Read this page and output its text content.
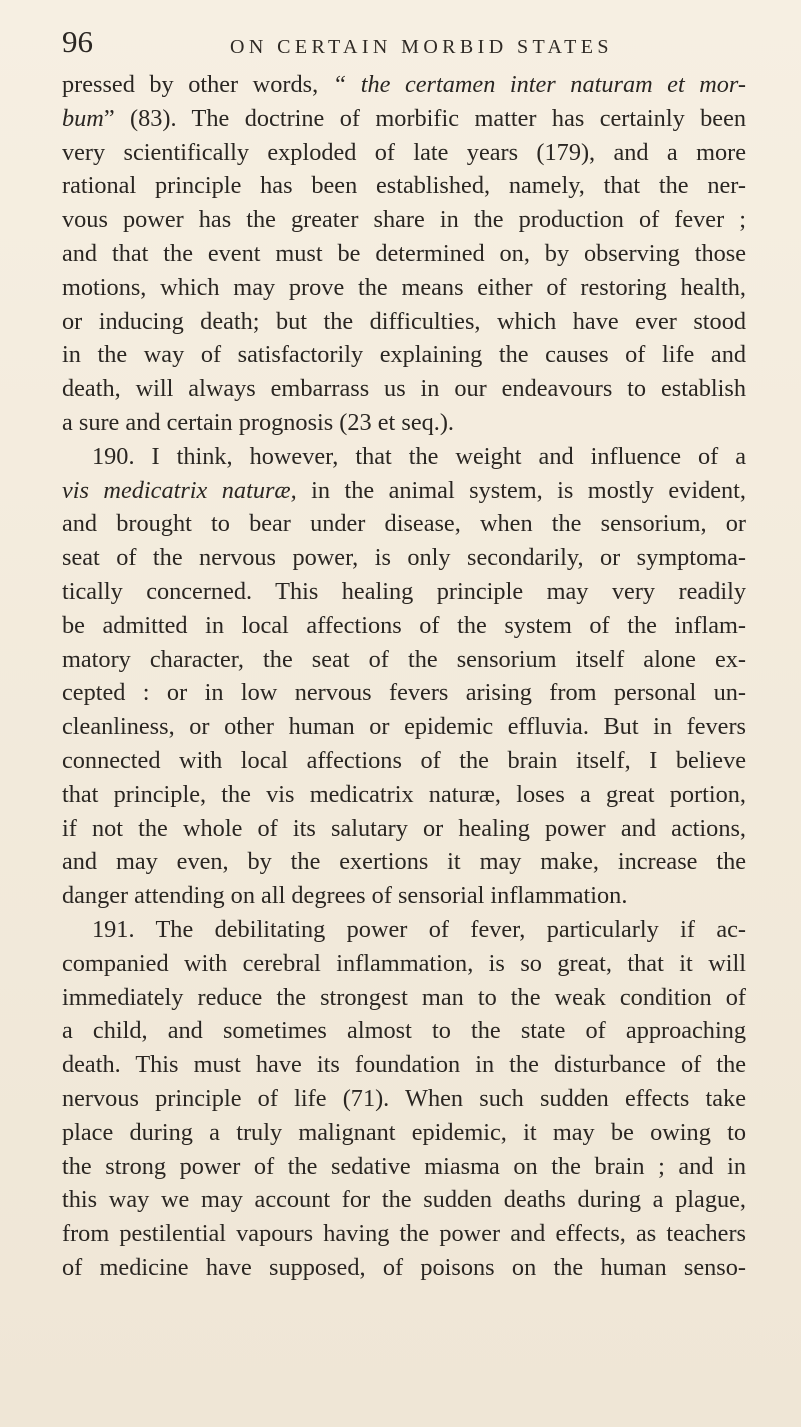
96	ON CERTAIN MORBID STATES
pressed by other words, “ the certamen inter naturam et mor-
bum” (83). The doctrine of morbific matter has certainly been
very scientifically exploded of late years (179), and a more
rational principle has been established, namely, that the ner-
vous power has the greater share in the production of fever ;
and that the event must be determined on, by observing those
motions, which may prove the means either of restoring health,
or inducing death; but the difficulties, which have ever stood
in the way of satisfactorily explaining the causes of life and
death, will always embarrass us in our endeavours to establish
a sure and certain prognosis (23 et seq.).
190. I think, however, that the weight and influence of a
vis medicatrix naturæ, in the animal system, is mostly evident,
and brought to bear under disease, when the sensorium, or
seat of the nervous power, is only secondarily, or symptoma-
tically concerned. This healing principle may very readily
be admitted in local affections of the system of the inflam-
matory character, the seat of the sensorium itself alone ex-
cepted : or in low nervous fevers arising from personal un-
cleanliness, or other human or epidemic effluvia. But in fevers
connected with local affections of the brain itself, I believe
that principle, the vis medicatrix naturæ, loses a great portion,
if not the whole of its salutary or healing power and actions,
and may even, by the exertions it may make, increase the
danger attending on all degrees of sensorial inflammation.
191. The debilitating power of fever, particularly if ac-
companied with cerebral inflammation, is so great, that it will
immediately reduce the strongest man to the weak condition of
a child, and sometimes almost to the state of approaching
death. This must have its foundation in the disturbance of the
nervous principle of life (71). When such sudden effects take
place during a truly malignant epidemic, it may be owing to
the strong power of the sedative miasma on the brain ; and in
this way we may account for the sudden deaths during a plague,
from pestilential vapours having the power and effects, as teachers
of medicine have supposed, of poisons on the human senso-
